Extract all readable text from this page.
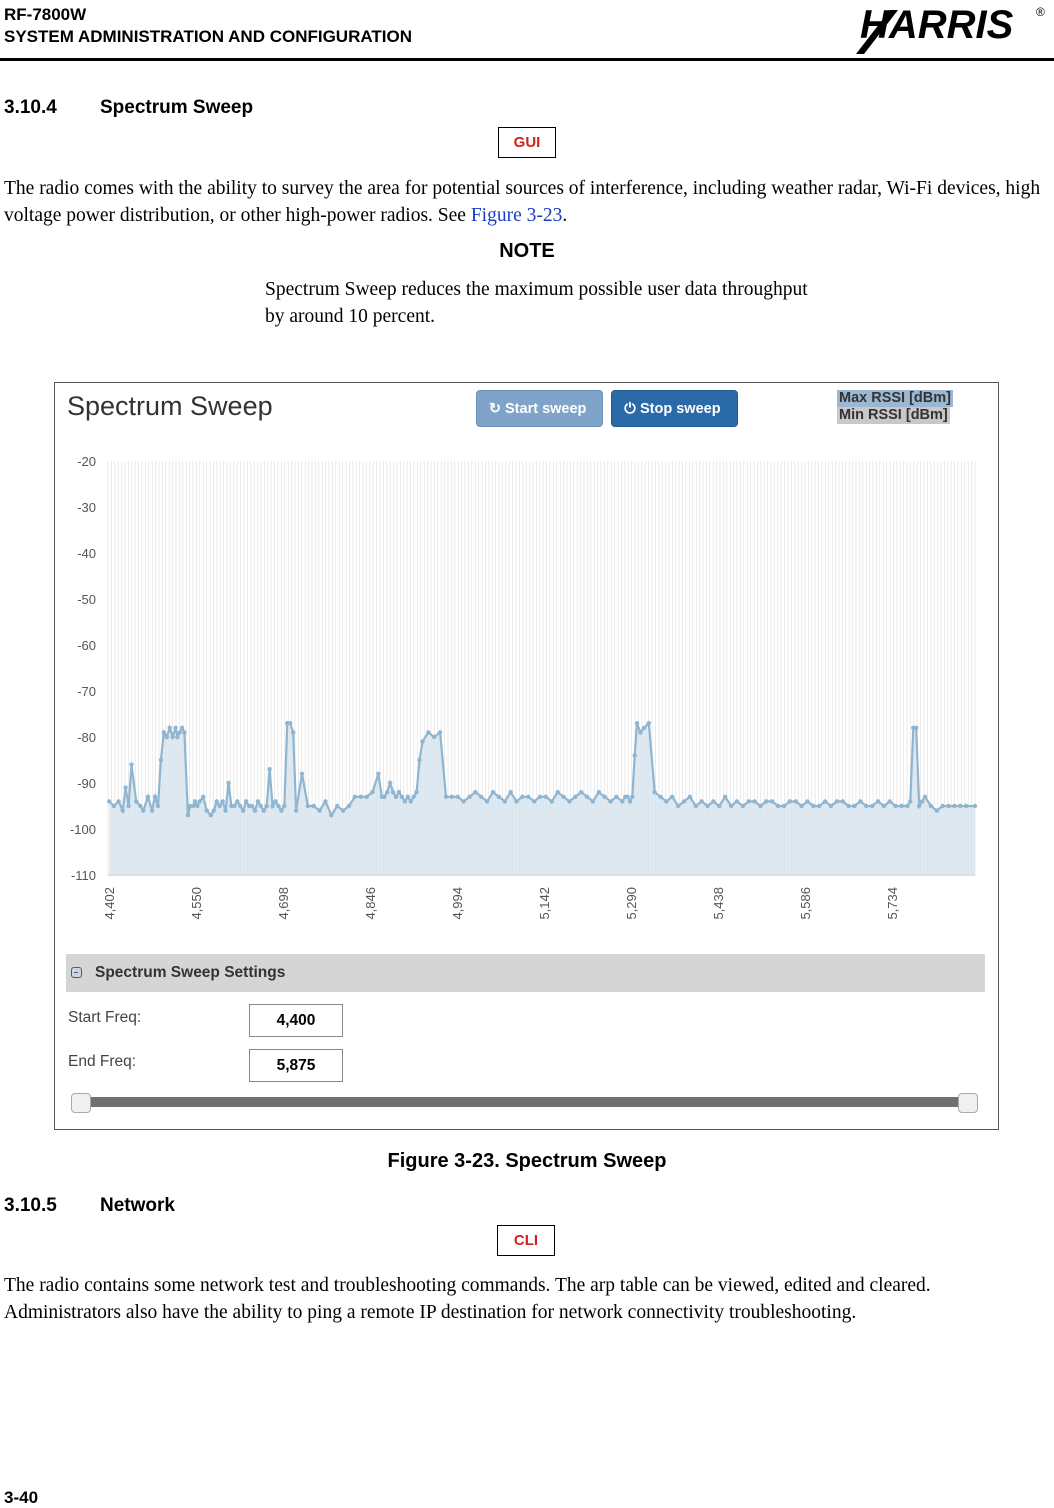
RF-7800W
SYSTEM ADMINISTRATION AND CONFIGURATION	HARRIS ®
3.10.4 Spectrum Sweep
GUI
The radio comes with the ability to survey the area for potential sources of interference, including weather radar, Wi-Fi devices, high voltage power distribution, or other high-power radios. See Figure 3-23.
NOTE
Spectrum Sweep reduces the maximum possible user data throughput by around 10 percent.
Spectrum Sweep	↻ Start sweep	⏻ Stop sweep
Max RSSI [dBm]
Min RSSI [dBm]
-20
-30
-40
-50
-60
-70
-80
-90
-100
-110
4,402	4,550	4,698	4,846	4,994	5,142	5,290	5,438	5,586	5,734
Spectrum Sweep Settings
Start Freq:	4,400
End Freq:	5,875
Figure 3-23. Spectrum Sweep
3.10.5 Network
CLI
The radio contains some network test and troubleshooting commands. The arp table can be viewed, edited and cleared. Administrators also have the ability to ping a remote IP destination for network connectivity troubleshooting.
3-40
